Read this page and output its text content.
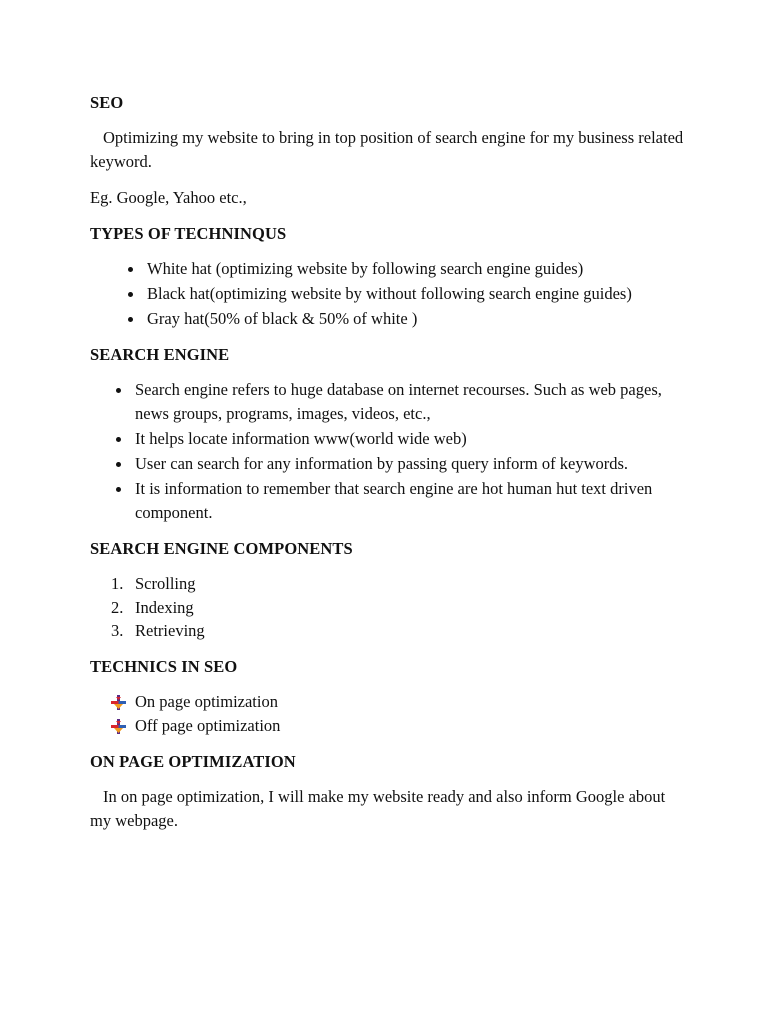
SEO

Optimizing my website to bring in top position of search engine for my business related keyword.

Eg. Google, Yahoo etc.,

TYPES OF TECHNINQUS
White hat (optimizing website by following search engine guides)
Black hat(optimizing website by without following search engine guides)
Gray hat(50% of black & 50% of white )
SEARCH ENGINE
Search engine refers to huge database on internet recourses. Such as web pages, news groups, programs, images, videos, etc.,
It helps locate information www(world wide web)
User can search for any information by passing query inform of keywords.
It is information to remember that search engine are hot human hut text driven component.
SEARCH ENGINE COMPONENTS
1. Scrolling
2. Indexing
3. Retrieving
TECHNICS IN SEO
On page optimization
Off page optimization
ON PAGE OPTIMIZATION

In on page optimization, I will make my website ready and also inform Google about my webpage.
